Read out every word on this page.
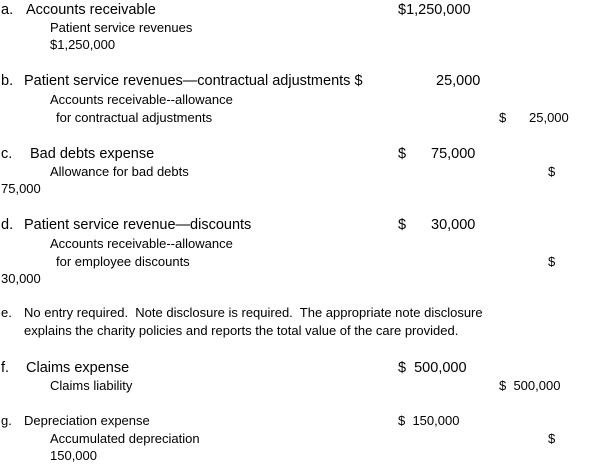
a. Accounts receivable	$1,250,000
Patient service revenues
$1,250,000
b. Patient service revenues—contractual adjustments $	25,000
Accounts receivable--allowance
for contractual adjustments	$ 25,000
c. Bad debts expense	$ 75,000
Allowance for bad debts	$
75,000
d. Patient service revenue—discounts	$ 30,000
Accounts receivable--allowance
for employee discounts	$
30,000
e. No entry required.  Note disclosure is required.  The appropriate note disclosure
explains the charity policies and reports the total value of the care provided.
f. Claims expense	$  500,000
Claims liability	$  500,000
g. Depreciation expense	$  150,000
Accumulated depreciation	$
150,000
